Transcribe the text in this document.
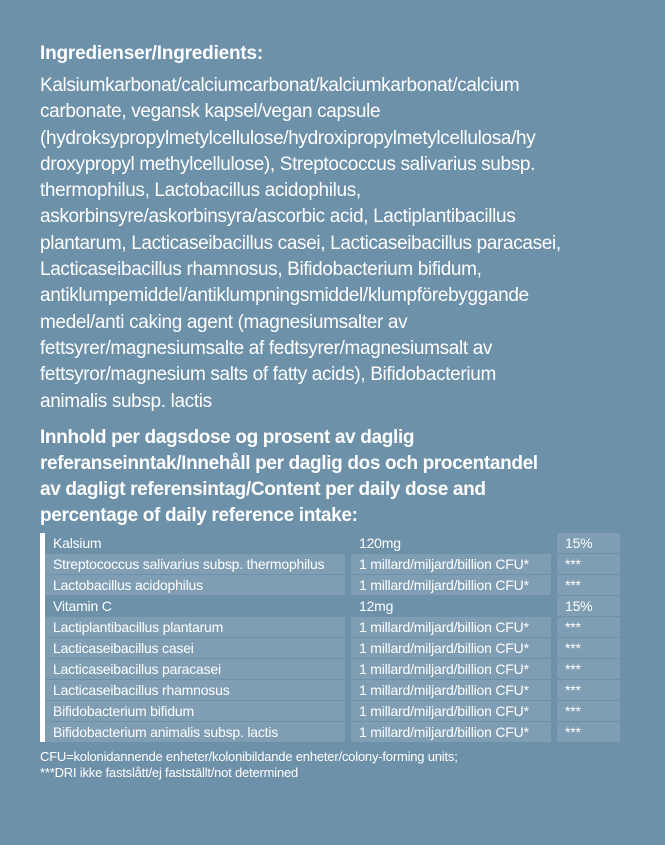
Ingredienser/Ingredients:
Kalsiumkarbonat/calciumcarbonat/kalciumkarbonat/calcium
carbonate, vegansk kapsel/vegan capsule
(hydroksypropylmetylcellulose/hydroxipropylmetylcellulosa/hy
droxypropyl methylcellulose), Streptococcus salivarius subsp.
thermophilus, Lactobacillus acidophilus,
askorbinsyre/askorbinsyra/ascorbic acid, Lactiplantibacillus
plantarum, Lacticaseibacillus casei, Lacticaseibacillus paracasei,
Lacticaseibacillus rhamnosus, Bifidobacterium bifidum,
antiklumpemiddel/antiklumpningsmiddel/klumpförebyggande
medel/anti caking agent (magnesiumsalter av
fettsyrer/magnesiumsalte af fedtsyrer/magnesiumsalt av
fettsyror/magnesium salts of fatty acids), Bifidobacterium
animalis subsp. lactis
Innhold per dagsdose og prosent av daglig
referanseinntak/Innehåll per daglig dos och procentandel
av dagligt referensintag/Content per daily dose and
percentage of daily reference intake:
Kalsium	120mg	15%
Streptococcus salivarius subsp. thermophilus	1 millard/miljard/billion CFU*	***
Lactobacillus acidophilus	1 millard/miljard/billion CFU*	***
Vitamin C	12mg	15%
Lactiplantibacillus plantarum	1 millard/miljard/billion CFU*	***
Lacticaseibacillus casei	1 millard/miljard/billion CFU*	***
Lacticaseibacillus paracasei	1 millard/miljard/billion CFU*	***
Lacticaseibacillus rhamnosus	1 millard/miljard/billion CFU*	***
Bifidobacterium bifidum	1 millard/miljard/billion CFU*	***
Bifidobacterium animalis subsp. lactis	1 millard/miljard/billion CFU*	***
CFU=kolonidannende enheter/kolonibildande enheter/colony-forming units;
***DRI ikke fastslått/ej fastställt/not determined
